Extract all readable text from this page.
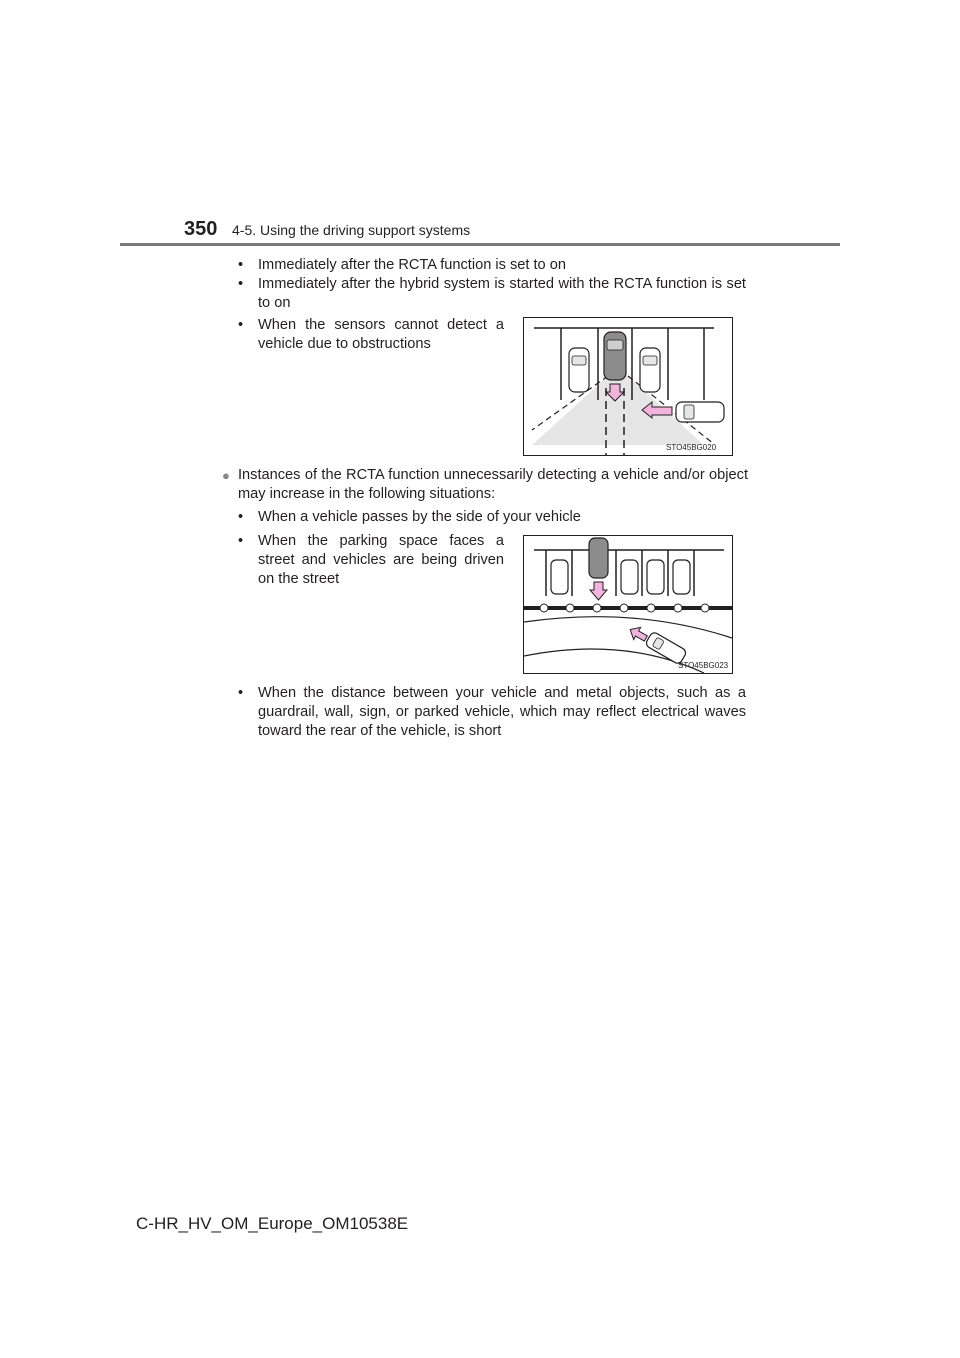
350 4-5. Using the driving support systems
•	Immediately after the RCTA function is set to on
•	Immediately after the hybrid system is started with the RCTA function is set to on
•	When the sensors cannot detect a vehicle due to obstructions
STO45BG020
● Instances of the RCTA function unnecessarily detecting a vehicle and/or object may increase in the following situations:
•	When a vehicle passes by the side of your vehicle
•	When the parking space faces a street and vehicles are being driven on the street
STO45BG023
•	When the distance between your vehicle and metal objects, such as a guardrail, wall, sign, or parked vehicle, which may reflect electrical waves toward the rear of the vehicle, is short
C-HR_HV_OM_Europe_OM10538E
